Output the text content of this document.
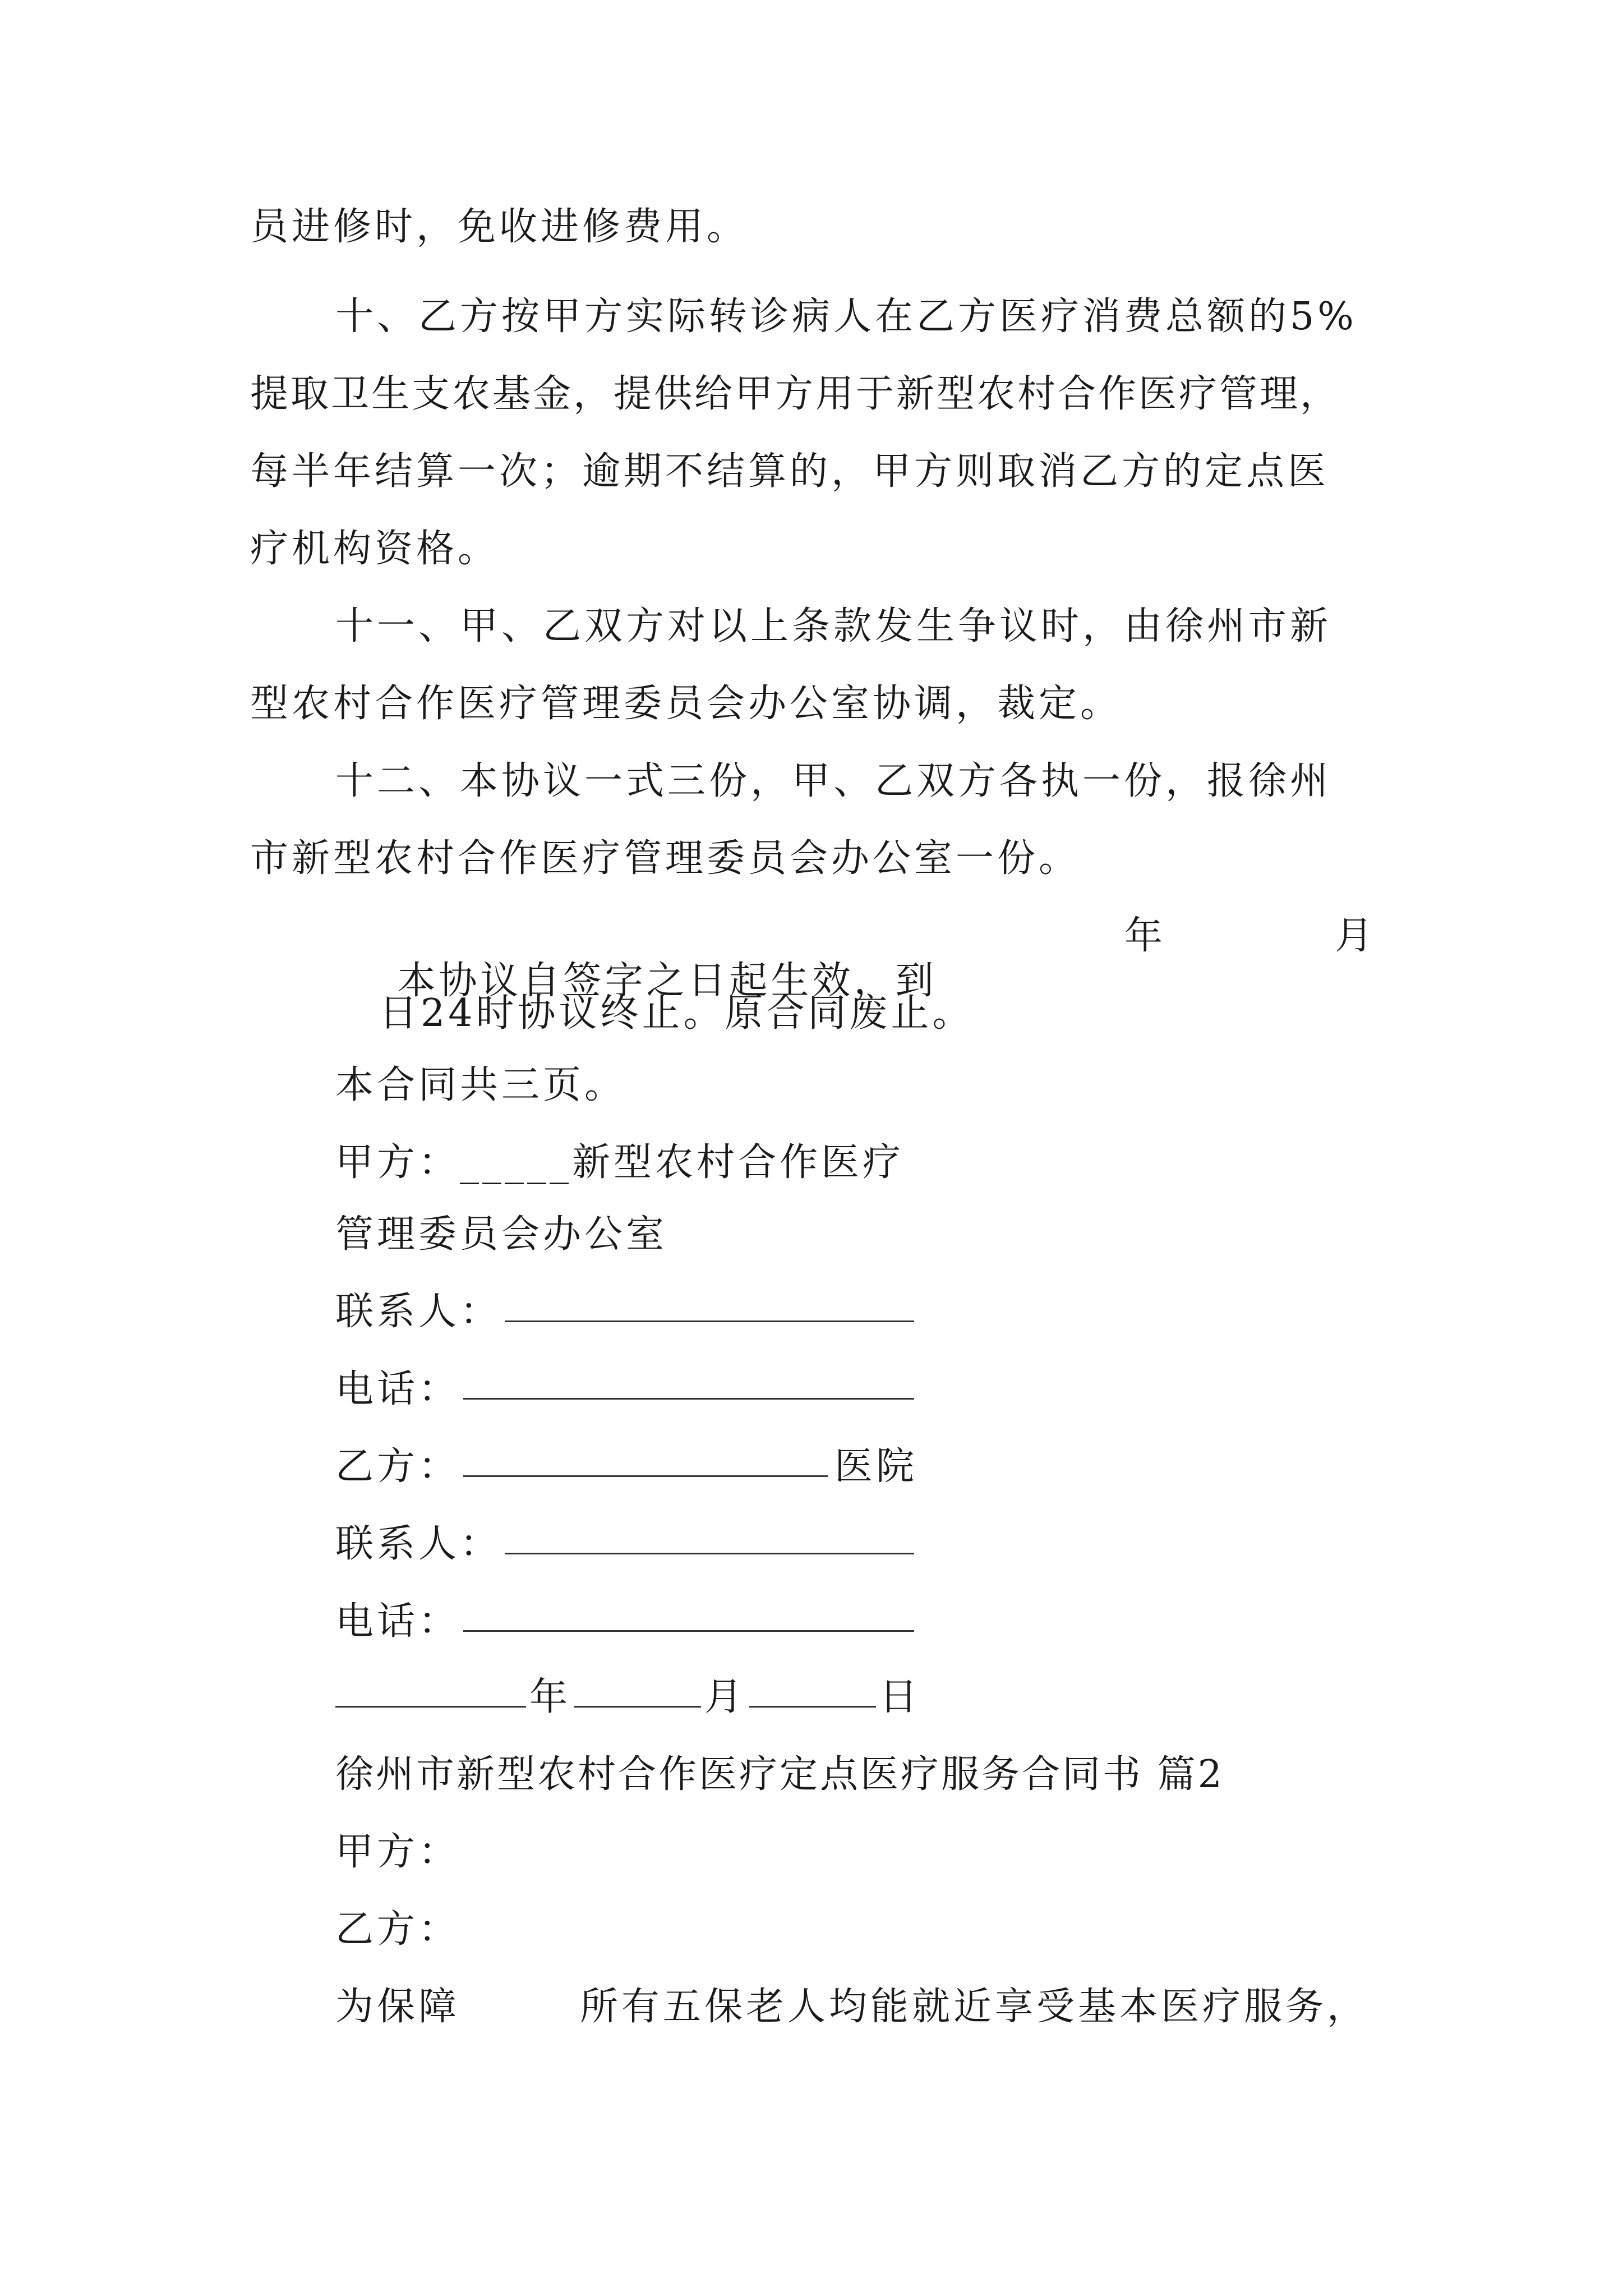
员进修时，免收进修费用。
十、乙方按甲方实际转诊病人在乙方医疗消费总额的5%
提取卫生支农基金，提供给甲方用于新型农村合作医疗管理，
每半年结算一次；逾期不结算的，甲方则取消乙方的定点医
疗机构资格。
十一、甲、乙双方对以上条款发生争议时，由徐州市新
型农村合作医疗管理委员会办公室协调，裁定。
十二、本协议一式三份，甲、乙双方各执一份，报徐州
市新型农村合作医疗管理委员会办公室一份。

本协议自签字之日起生效，到

年	月
日24时协议终止。原合同废止。
本合同共三页。
甲方：_____新型农村合作医疗
管理委员会办公室
联系人：
电话：
乙方：	医院
联系人：
电话：
年	月	日
徐州市新型农村合作医疗定点医疗服务合同书 篇2
甲方：
乙方：
为保障	所有五保老人均能就近享受基本医疗服务，
